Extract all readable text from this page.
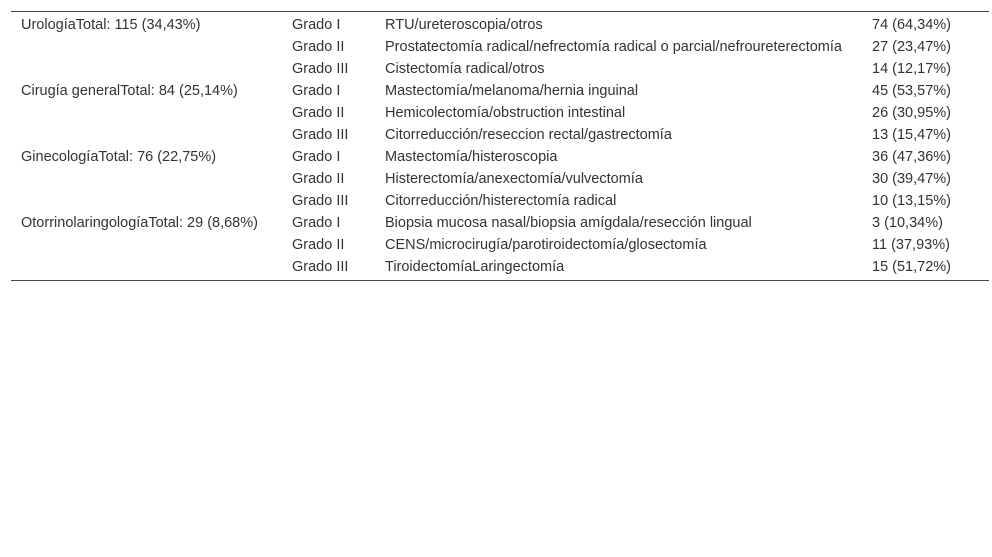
UrologíaTotal: 115 (34,43%)	Grado I	RTU/ureteroscopia/otros	74 (64,34%)
	Grado II	Prostatectomía radical/nefrectomía radical o parcial/nefroureterectomía	27 (23,47%)
	Grado III	Cistectomía radical/otros	14 (12,17%)
Cirugía generalTotal: 84 (25,14%)	Grado I	Mastectomía/melanoma/hernia inguinal	45 (53,57%)
	Grado II	Hemicolectomía/obstruction intestinal	26 (30,95%)
	Grado III	Citorreducción/reseccion rectal/gastrectomía	13 (15,47%)
GinecologíaTotal: 76 (22,75%)	Grado I	Mastectomía/histeroscopia	36 (47,36%)
	Grado II	Histerectomía/anexectomía/vulvectomía	30 (39,47%)
	Grado III	Citorreducción/histerectomía radical	10 (13,15%)
OtorrinolaringologíaTotal: 29 (8,68%)	Grado I	Biopsia mucosa nasal/biopsia amígdala/resección lingual	3 (10,34%)
	Grado II	CENS/microcirugía/parotiroidectomía/glosectomía	11 (37,93%)
	Grado III	TiroidectomíaLaringectomía	15 (51,72%)
